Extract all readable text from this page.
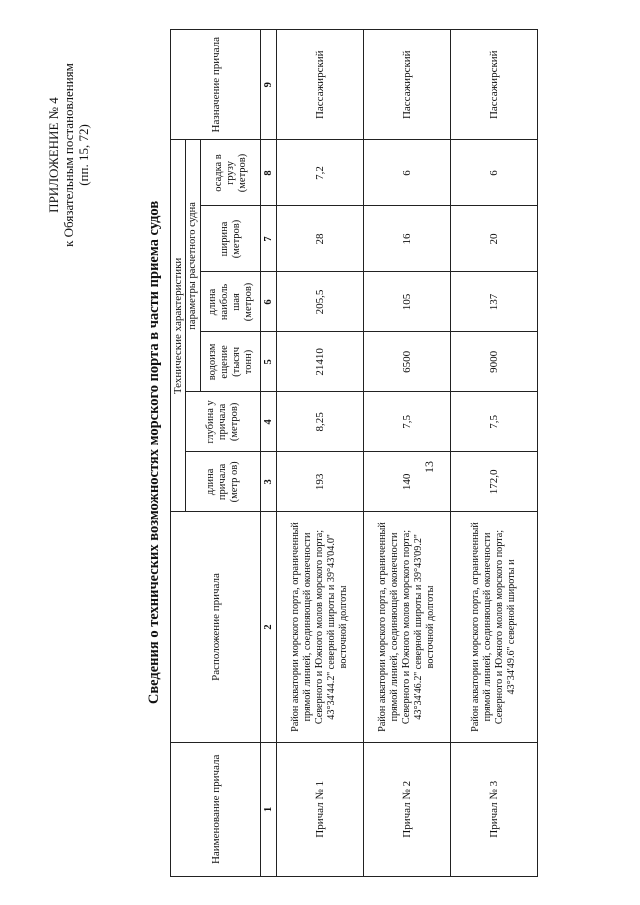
13
ПРИЛОЖЕНИЕ № 4 к Обязательным постановлениям (пп. 15, 72)
Сведения о технических возможностях морского порта в части приема судов
Наименование причала	Расположение причала	Технические характеристики						Назначение причала
		длина причала (метр ов)	глубина у причала (метров)	параметры расчетного судна				
				водоизм ещение (тысяч тонн)	длина наиболь шая (метров)	ширина (метров)	осадка в грузу (метров)	
1	2	3	4	5	6	7	8	9
Причал № 1	Район акватории морского порта, ограниченный прямой линией, соединяющей оконечности Северного и Южного молов морского порта; 43°34'44.2'' северной широты и 39°43'04.0'' восточной долготы	193	8,25	21410	205,5	28	7,2	Пассажирский
Причал № 2	Район акватории морского порта, ограниченный прямой линией, соединяющей оконечности Северного и Южного молов морского порта; 43°34'46.2'' северной широты и 39°43'09.2'' восточной долготы	140	7,5	6500	105	16	6	Пассажирский
Причал № 3	Район акватории морского порта, ограниченный прямой линией, соединяющей оконечности Северного и Южного молов морского порта; 43°34'49.6'' северной широты и	172,0	7,5	9000	137	20	6	Пассажирский
